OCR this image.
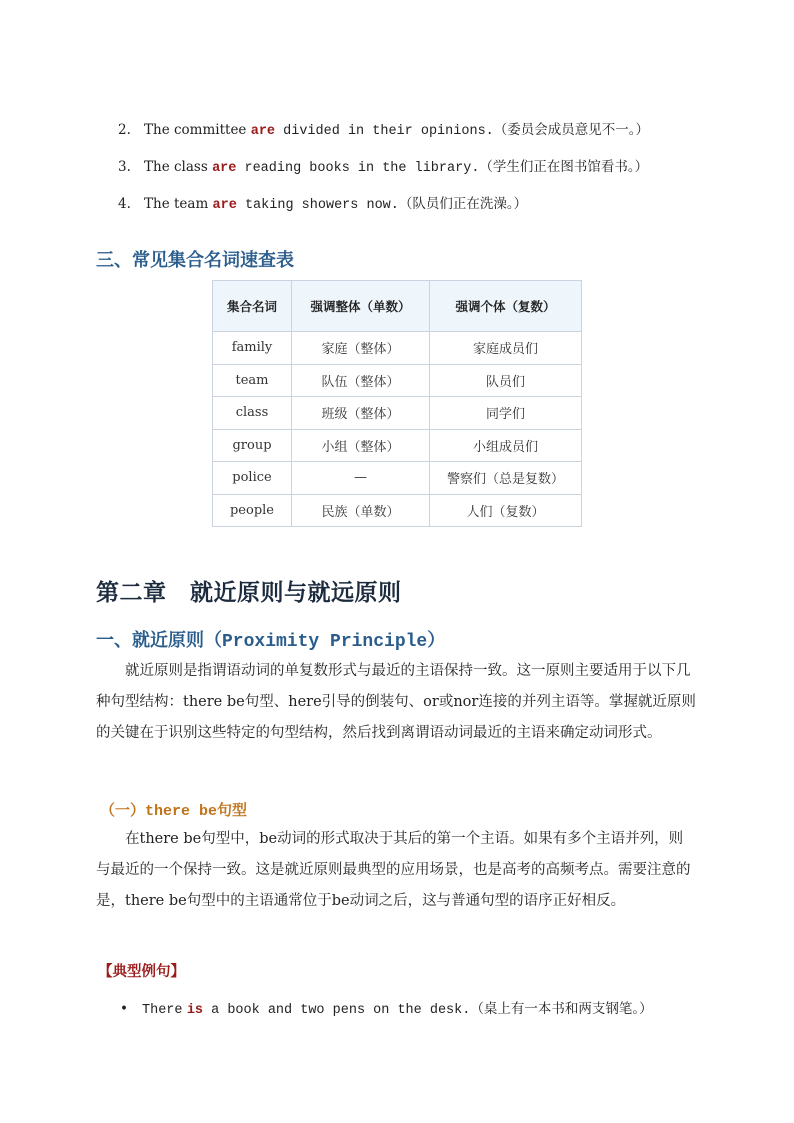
2. The committee are divided in their opinions.（委员会成员意见不一。）
3. The class are reading books in the library.（学生们正在图书馆看书。）
4. The team are taking showers now.（队员们正在洗澡。）
三、常见集合名词速查表
集合名词	强调整体（单数）	强调个体（复数）
family	家庭（整体）	家庭成员们
team	队伍（整体）	队员们
class	班级（整体）	同学们
group	小组（整体）	小组成员们
police	—	警察们（总是复数）
people	民族（单数）	人们（复数）
第二章　就近原则与就远原则
一、就近原则（Proximity Principle）
就近原则是指谓语动词的单复数形式与最近的主语保持一致。这一原则主要适用于以下几种句型结构：there be句型、here引导的倒装句、or或nor连接的并列主语等。掌握就近原则的关键在于识别这些特定的句型结构，然后找到离谓语动词最近的主语来确定动词形式。
（一）there be句型
在there be句型中，be动词的形式取决于其后的第一个主语。如果有多个主语并列，则与最近的一个保持一致。这是就近原则最典型的应用场景，也是高考的高频考点。需要注意的是，there be句型中的主语通常位于be动词之后，这与普通句型的语序正好相反。
【典型例句】
• There is a book and two pens on the desk.（桌上有一本书和两支钢笔。）
